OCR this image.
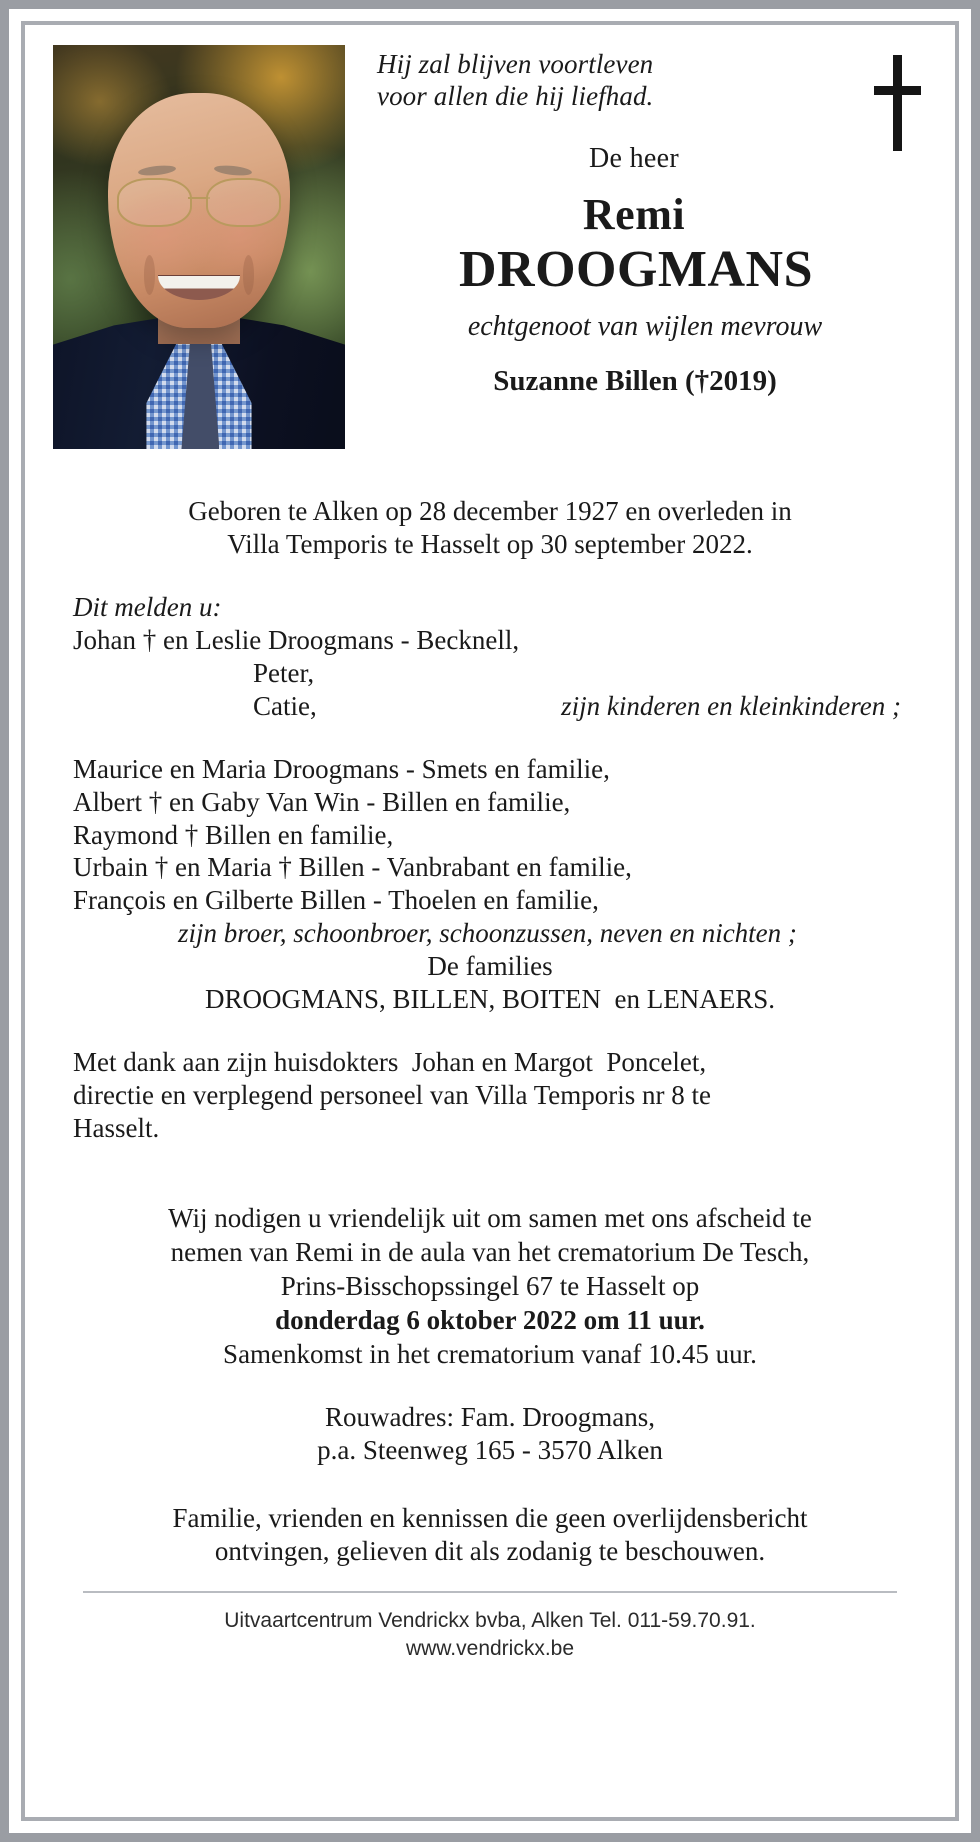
Hij zal blijven voortleven
voor allen die hij liefhad.
De heer
Remi
DROOGMANS
echtgenoot van wijlen mevrouw
Suzanne Billen (†2019)
Geboren te Alken op 28 december 1927 en overleden in
Villa Temporis te Hasselt op 30 september 2022.
Dit melden u:
Johan † en Leslie Droogmans - Becknell,
Peter,
Catie,	zijn kinderen en kleinkinderen ;
Maurice en Maria Droogmans - Smets en familie,
Albert † en Gaby Van Win - Billen en familie,
Raymond † Billen en familie,
Urbain † en Maria † Billen - Vanbrabant en familie,
François en Gilberte Billen - Thoelen en familie,
zijn broer, schoonbroer, schoonzussen, neven en nichten ;
De families
DROOGMANS, BILLEN, BOITEN  en LENAERS.
Met dank aan zijn huisdokters  Johan en Margot  Poncelet,
directie en verplegend personeel van Villa Temporis nr 8 te
Hasselt.
Wij nodigen u vriendelijk uit om samen met ons afscheid te
nemen van Remi in de aula van het crematorium De Tesch,
Prins-Bisschopssingel 67 te Hasselt op
donderdag 6 oktober 2022 om 11 uur.
Samenkomst in het crematorium vanaf 10.45 uur.
Rouwadres: Fam. Droogmans,
p.a. Steenweg 165 - 3570 Alken
Familie, vrienden en kennissen die geen overlijdensbericht
ontvingen, gelieven dit als zodanig te beschouwen.
Uitvaartcentrum Vendrickx bvba, Alken Tel. 011-59.70.91.
www.vendrickx.be
